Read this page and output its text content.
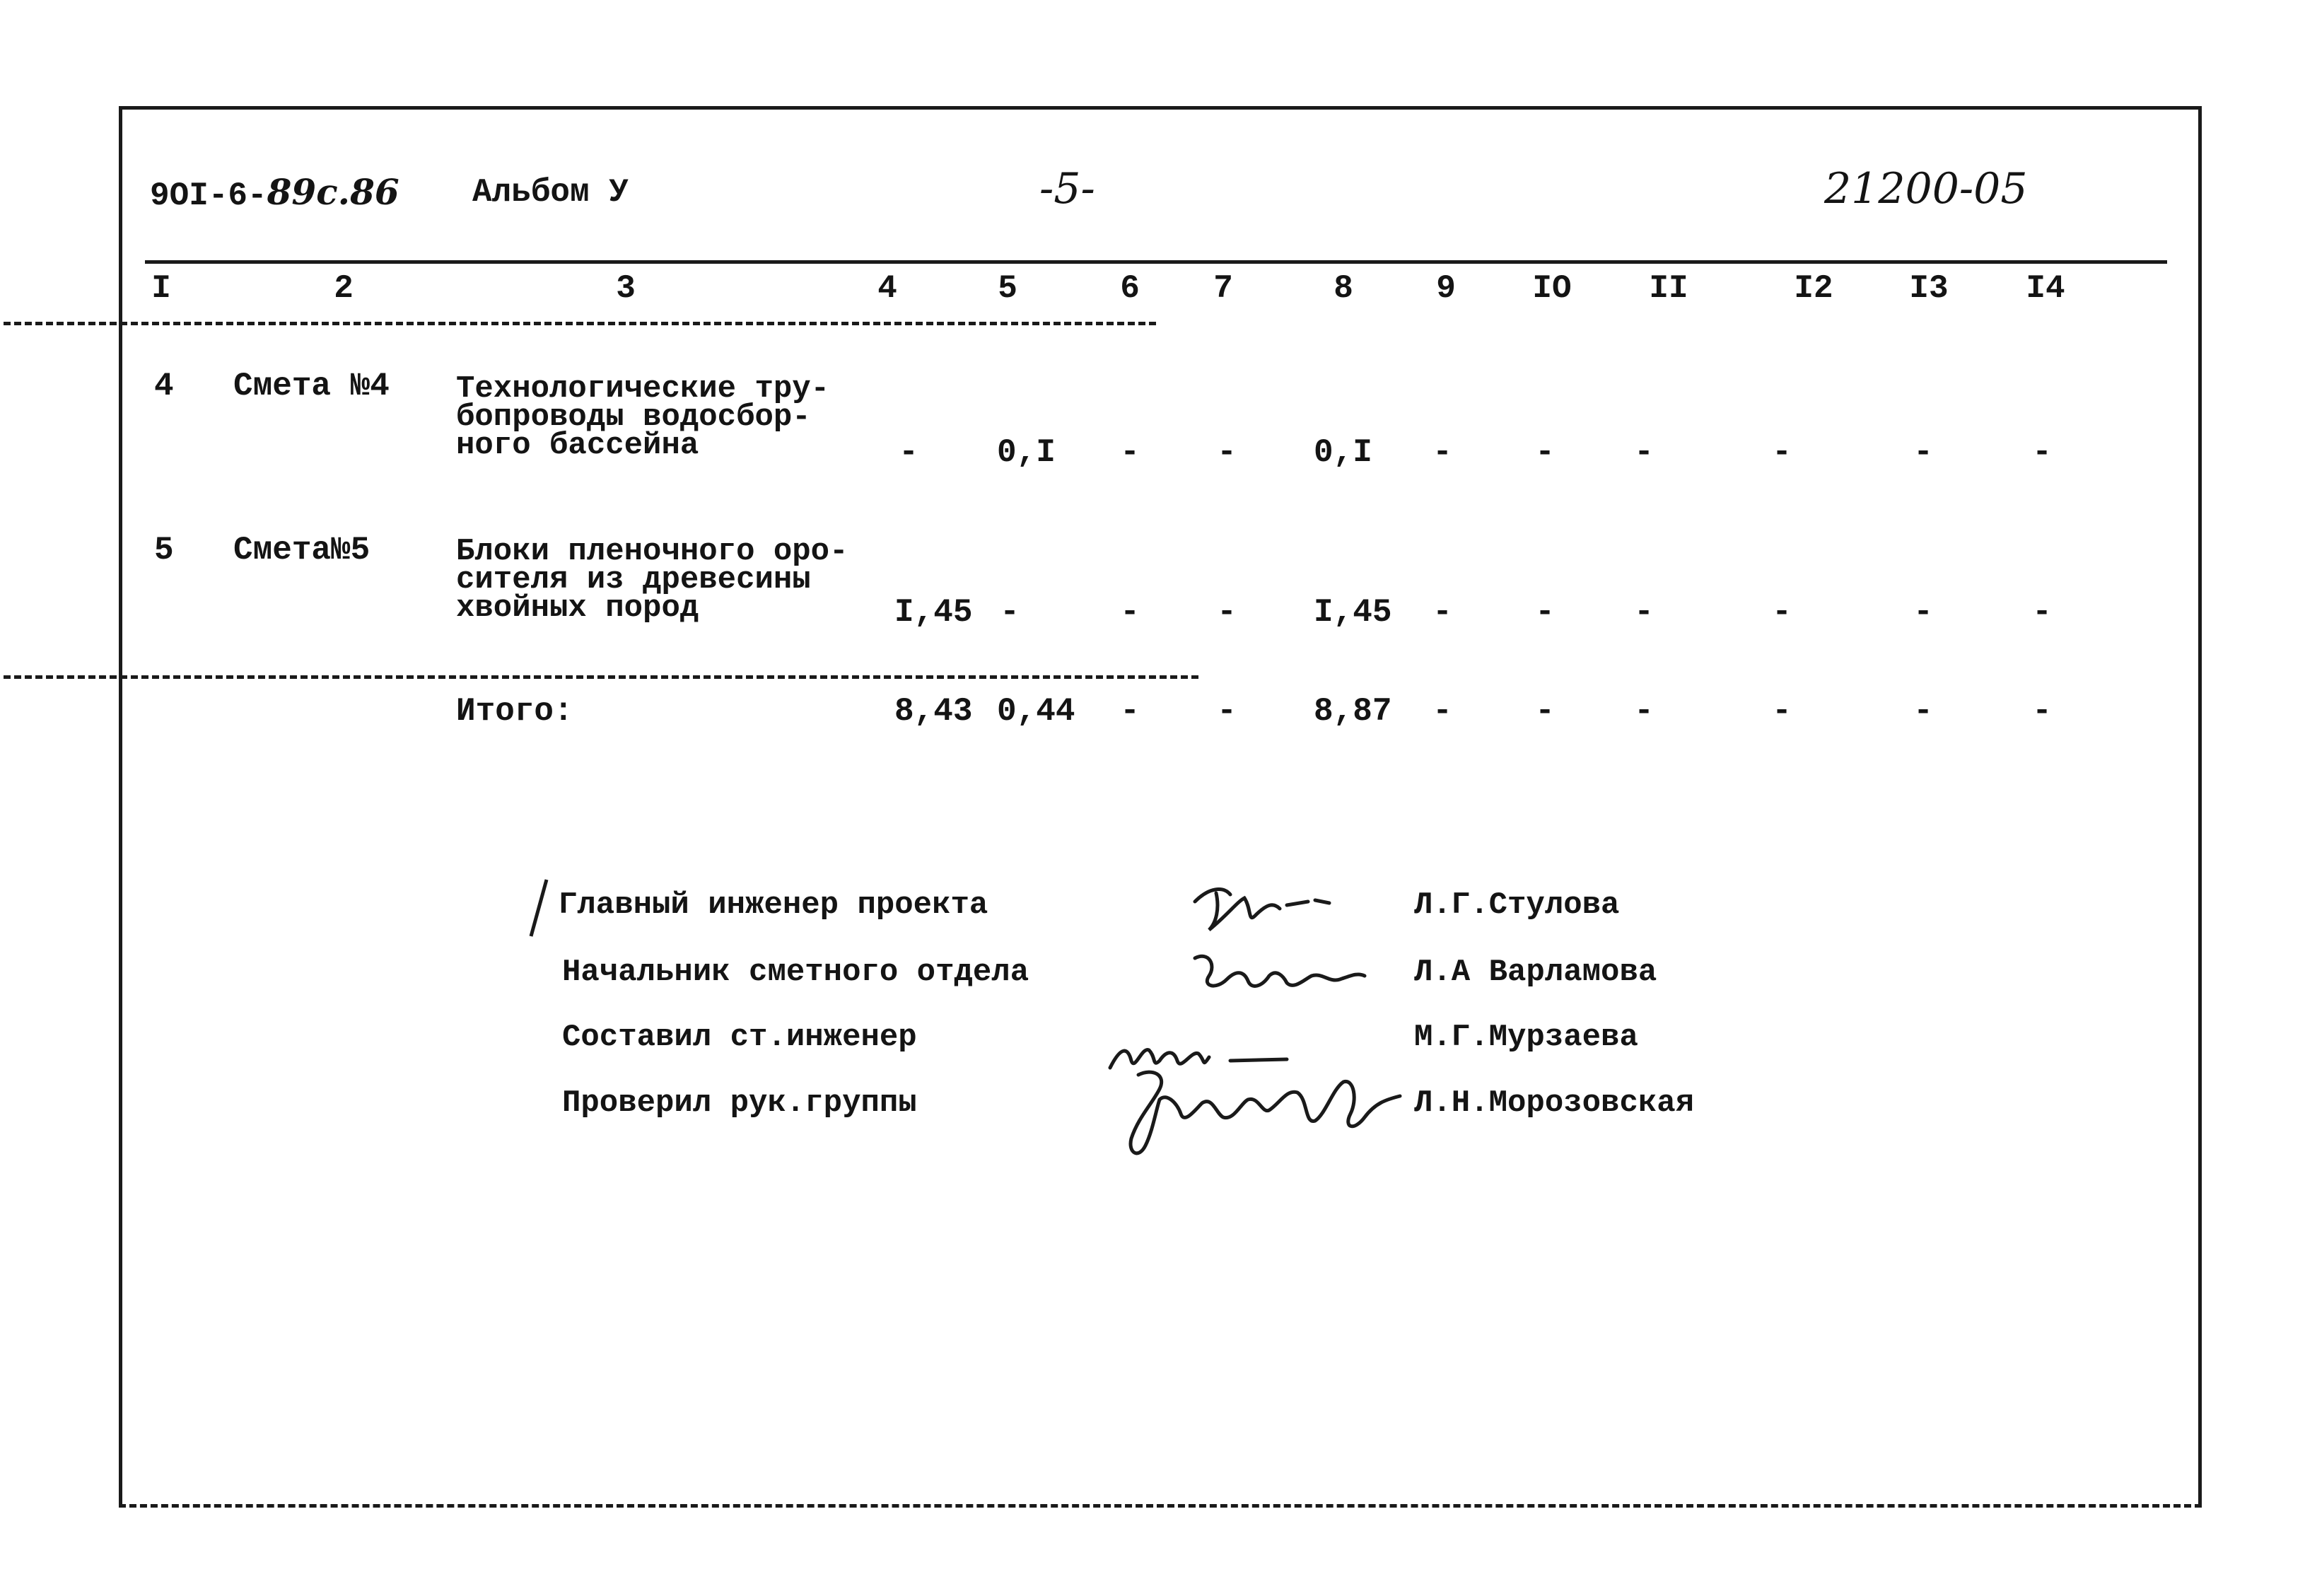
9OI-6-89c.86 Альбом У	-5-	21200-05
I	2	3	4	5	6 7	8	9 IO II	I2 I3 I4
4 Смета №4 Технологические тру-
бопроводы водосбор-
ного бассейна	- 0,I - - 0,I -	- -	-	-	-
5 Смета№5	Блоки пленочного оро-
сителя из древесины
хвойных пород	I,45 -	- - I,45 -	- -	-	-	-
Итого:	8,43 0,44 - - 8,87 -	- -	-	-	-
Главный инженер проекта	Л.Г.Стулова
Начальник сметного отдела	Л.А Варламова
Составил ст.инженер	М.Г.Мурзаева
Проверил рук.группы	Л.Н.Морозовская
